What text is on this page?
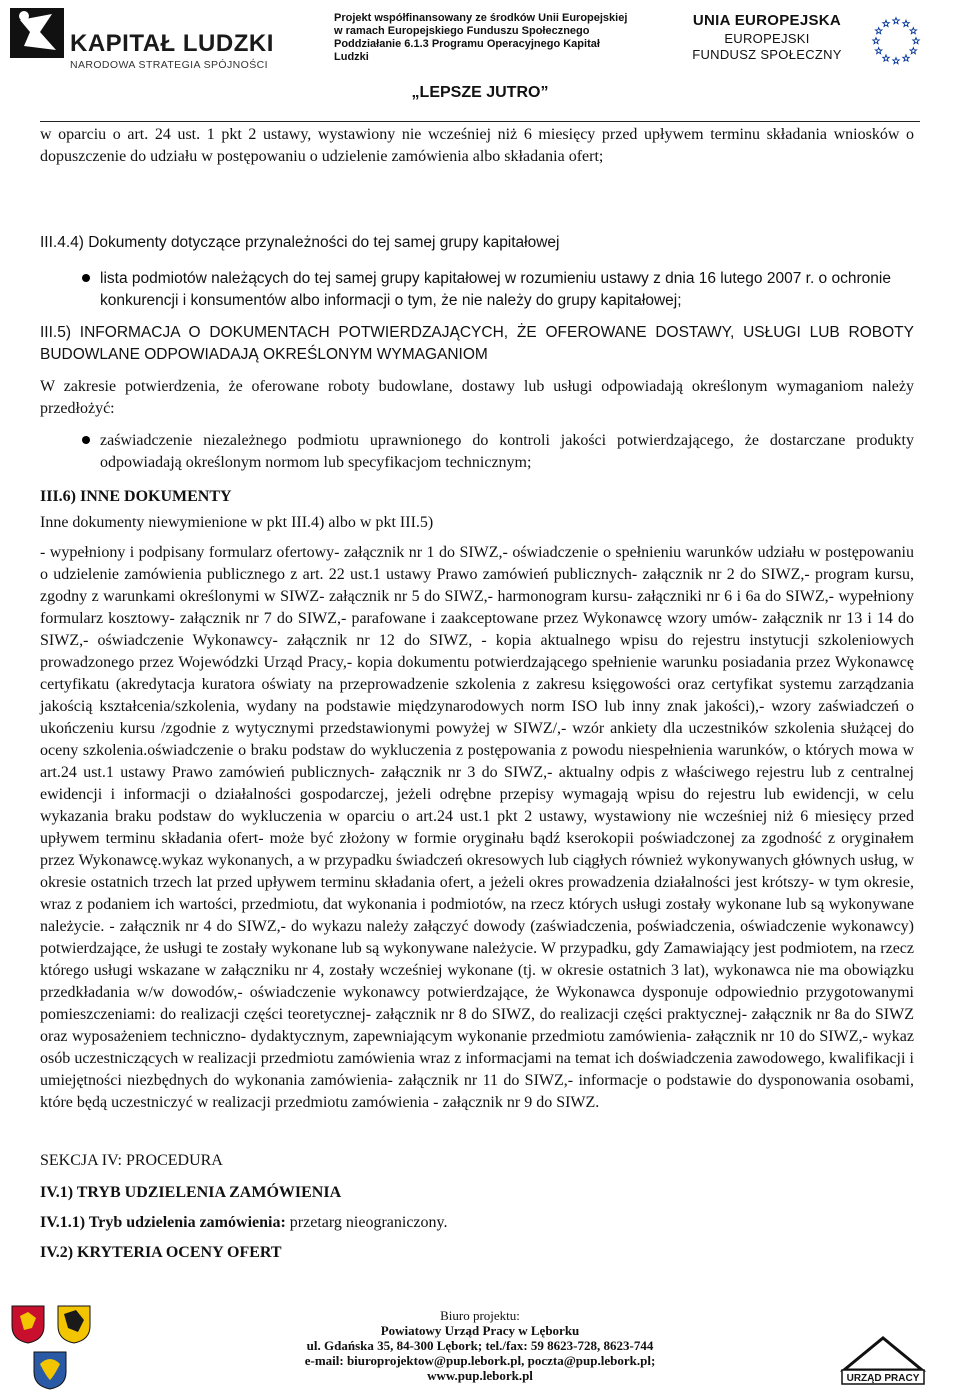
KAPITAŁ LUDZKI
NARODOWA STRATEGIA SPÓJNOŚCI
Projekt współfinansowany ze środków Unii Europejskiej
w ramach Europejskiego Funduszu Społecznego
Poddziałanie 6.1.3 Programu Operacyjnego Kapitał Ludzki
UNIA EUROPEJSKA
EUROPEJSKI
FUNDUSZ SPOŁECZNY
„LEPSZE JUTRO”

w oparciu o art. 24 ust. 1 pkt 2 ustawy, wystawiony nie wcześniej niż 6 miesięcy przed upływem terminu składania wniosków o dopuszczenie do udziału w postępowaniu o udzielenie zamówienia albo składania ofert;

III.4.4) Dokumenty dotyczące przynależności do tej samej grupy kapitałowej

lista podmiotów należących do tej samej grupy kapitałowej w rozumieniu ustawy z dnia 16 lutego 2007 r. o ochronie konkurencji i konsumentów albo informacji o tym, że nie należy do grupy kapitałowej;

III.5) INFORMACJA O DOKUMENTACH POTWIERDZAJĄCYCH, ŻE OFEROWANE DOSTAWY, USŁUGI LUB ROBOTY BUDOWLANE ODPOWIADAJĄ OKREŚLONYM WYMAGANIOM

W zakresie potwierdzenia, że oferowane roboty budowlane, dostawy lub usługi odpowiadają określonym wymaganiom należy przedłożyć:

zaświadczenie niezależnego podmiotu uprawnionego do kontroli jakości potwierdzającego, że dostarczane produkty odpowiadają określonym normom lub specyfikacjom technicznym;

III.6) INNE DOKUMENTY

Inne dokumenty niewymienione w pkt III.4) albo w pkt III.5)

- wypełniony i podpisany formularz ofertowy- załącznik nr 1 do SIWZ,- oświadczenie o spełnieniu warunków udziału w postępowaniu o udzielenie zamówienia publicznego z art. 22 ust.1 ustawy Prawo zamówień publicznych- załącznik nr 2 do SIWZ,- program kursu, zgodny z warunkami określonymi w SIWZ- załącznik nr 5 do SIWZ,- harmonogram kursu- załączniki nr 6 i 6a do SIWZ,- wypełniony formularz kosztowy- załącznik nr 7 do SIWZ,- parafowane i zaakceptowane przez Wykonawcę wzory umów- załącznik nr 13 i 14 do SIWZ,- oświadczenie Wykonawcy- załącznik nr 12 do SIWZ, - kopia aktualnego wpisu do rejestru instytucji szkoleniowych prowadzonego przez Wojewódzki Urząd Pracy,- kopia dokumentu potwierdzającego spełnienie warunku posiadania przez Wykonawcę certyfikatu (akredytacja kuratora oświaty na przeprowadzenie szkolenia z zakresu księgowości oraz certyfikat systemu zarządzania jakością kształcenia/szkolenia, wydany na podstawie międzynarodowych norm ISO lub inny znak jakości),- wzory zaświadczeń o ukończeniu kursu /zgodnie z wytycznymi przedstawionymi powyżej w SIWZ/,- wzór ankiety dla uczestników szkolenia służącej do oceny szkolenia.oświadczenie o braku podstaw do wykluczenia z postępowania z powodu niespełnienia warunków, o których mowa w art.24 ust.1 ustawy Prawo zamówień publicznych- załącznik nr 3 do SIWZ,- aktualny odpis z właściwego rejestru lub z centralnej ewidencji i informacji o działalności gospodarczej, jeżeli odrębne przepisy wymagają wpisu do rejestru lub ewidencji, w celu wykazania braku podstaw do wykluczenia w oparciu o art.24 ust.1 pkt 2 ustawy, wystawiony nie wcześniej niż 6 miesięcy przed upływem terminu składania ofert- może być złożony w formie oryginału bądź kserokopii poświadczonej za zgodność z oryginałem przez Wykonawcę.wykaz wykonanych, a w przypadku świadczeń okresowych lub ciągłych również wykonywanych głównych usług, w okresie ostatnich trzech lat przed upływem terminu składania ofert, a jeżeli okres prowadzenia działalności jest krótszy- w tym okresie, wraz z podaniem ich wartości, przedmiotu, dat wykonania i podmiotów, na rzecz których usługi zostały wykonane lub są wykonywane należycie. - załącznik nr 4 do SIWZ,- do wykazu należy załączyć dowody (zaświadczenia, poświadczenia, oświadczenie wykonawcy) potwierdzające, że usługi te zostały wykonane lub są wykonywane należycie. W przypadku, gdy Zamawiający jest podmiotem, na rzecz którego usługi wskazane w załączniku nr 4, zostały wcześniej wykonane (tj. w okresie ostatnich 3 lat), wykonawca nie ma obowiązku przedkładania w/w dowodów,- oświadczenie wykonawcy potwierdzające, że Wykonawca dysponuje odpowiednio przygotowanymi pomieszczeniami: do realizacji części teoretycznej- załącznik nr 8 do SIWZ, do realizacji części praktycznej- załącznik nr 8a do SIWZ oraz wyposażeniem techniczno- dydaktycznym, zapewniającym wykonanie przedmiotu zamówienia- załącznik nr 10 do SIWZ,- wykaz osób uczestniczących w realizacji przedmiotu zamówienia wraz z informacjami na temat ich doświadczenia zawodowego, kwalifikacji i umiejętności niezbędnych do wykonania zamówienia- załącznik nr 11 do SIWZ,- informacje o podstawie do dysponowania osobami, które będą uczestniczyć w realizacji przedmiotu zamówienia - załącznik nr 9 do SIWZ.

SEKCJA IV: PROCEDURA

IV.1) TRYB UDZIELENIA ZAMÓWIENIA

IV.1.1) Tryb udzielenia zamówienia: przetarg nieograniczony.

IV.2) KRYTERIA OCENY OFERT

Biuro projektu:
Powiatowy Urząd Pracy w Lęborku
ul. Gdańska 35, 84-300 Lębork; tel./fax: 59 8623-728, 8623-744
e-mail: biuroprojektow@pup.lebork.pl, poczta@pup.lebork.pl; www.pup.lebork.pl	URZĄD PRACY
